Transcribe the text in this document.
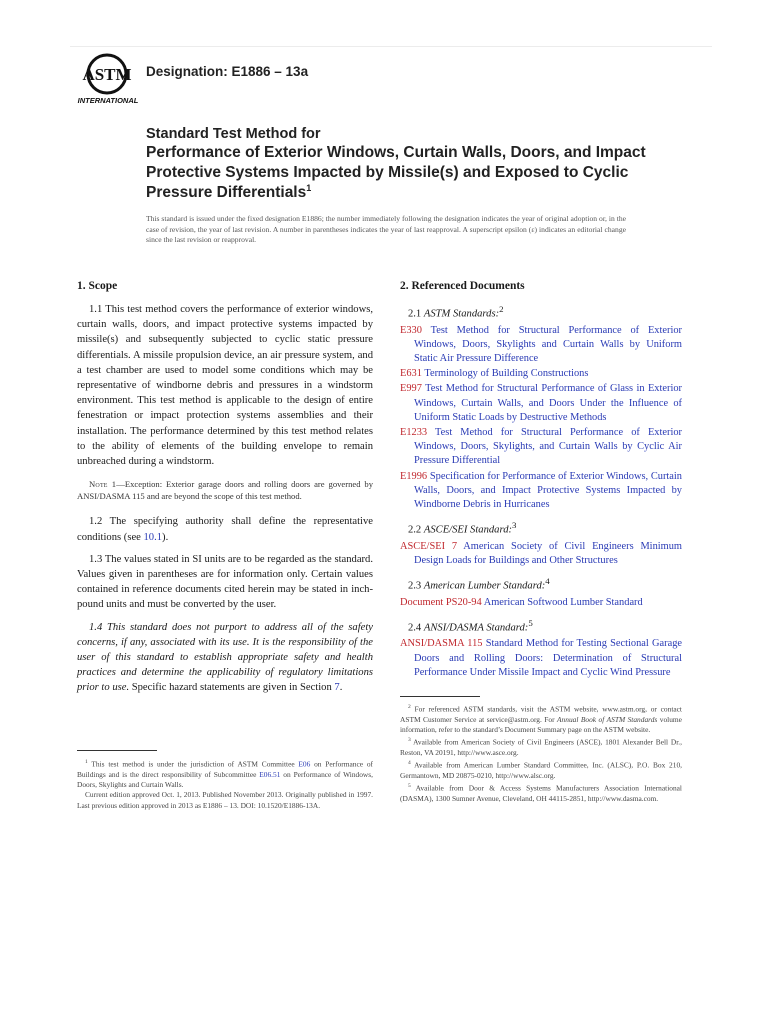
ASTM
INTERNATIONAL
Designation: E1886 – 13a
Standard Test Method for
Performance of Exterior Windows, Curtain Walls, Doors, and Impact Protective Systems Impacted by Missile(s) and Exposed to Cyclic Pressure Differentials$^1$
This standard is issued under the fixed designation E1886; the number immediately following the designation indicates the year of original adoption or, in the case of revision, the year of last revision. A number in parentheses indicates the year of last reapproval. A superscript epsilon (ε) indicates an editorial change since the last revision or reapproval.
1. Scope

1.1 This test method covers the performance of exterior windows, curtain walls, doors, and impact protective systems impacted by missile(s) and subsequently subjected to cyclic static pressure differentials. A missile propulsion device, an air pressure system, and a test chamber are used to model some conditions which may be representative of windborne debris and pressures in a windstorm environment. This test method is applicable to the design of entire fenestration or impact protection systems assemblies and their installation. The performance determined by this test method relates to the ability of elements of the building envelope to remain unbreached during a windstorm.

Note 1—Exception: Exterior garage doors and rolling doors are governed by ANSI/DASMA 115 and are beyond the scope of this test method.

1.2 The specifying authority shall define the representative conditions (see 10.1).

1.3 The values stated in SI units are to be regarded as the standard. Values given in parentheses are for information only. Certain values contained in reference documents cited herein may be stated in inch-pound units and must be converted by the user.

1.4 This standard does not purport to address all of the safety concerns, if any, associated with its use. It is the responsibility of the user of this standard to establish appropriate safety and health practices and determine the applicability of regulatory limitations prior to use. Specific hazard statements are given in Section 7.

2. Referenced Documents

2.1 ASTM Standards:$^2$

E330 Test Method for Structural Performance of Exterior Windows, Doors, Skylights and Curtain Walls by Uniform Static Air Pressure Difference

E631 Terminology of Building Constructions

E997 Test Method for Structural Performance of Glass in Exterior Windows, Curtain Walls, and Doors Under the Influence of Uniform Static Loads by Destructive Methods

E1233 Test Method for Structural Performance of Exterior Windows, Doors, Skylights, and Curtain Walls by Cyclic Air Pressure Differential

E1996 Specification for Performance of Exterior Windows, Curtain Walls, Doors, and Impact Protective Systems Impacted by Windborne Debris in Hurricanes

2.2 ASCE/SEI Standard:$^3$

ASCE/SEI 7 American Society of Civil Engineers Minimum Design Loads for Buildings and Other Structures

2.3 American Lumber Standard:$^4$

Document PS20-94 American Softwood Lumber Standard

2.4 ANSI/DASMA Standard:$^5$

ANSI/DASMA 115 Standard Method for Testing Sectional Garage Doors and Rolling Doors: Determination of Structural Performance Under Missile Impact and Cyclic Wind Pressure

$^1$ This test method is under the jurisdiction of ASTM Committee E06 on Performance of Buildings and is the direct responsibility of Subcommittee E06.51 on Performance of Windows, Doors, Skylights and Curtain Walls.

Current edition approved Oct. 1, 2013. Published November 2013. Originally published in 1997. Last previous edition approved in 2013 as E1886 – 13. DOI: 10.1520/E1886-13A.

$^2$ For referenced ASTM standards, visit the ASTM website, www.astm.org, or contact ASTM Customer Service at service@astm.org. For Annual Book of ASTM Standards volume information, refer to the standard’s Document Summary page on the ASTM website.

$^3$ Available from American Society of Civil Engineers (ASCE), 1801 Alexander Bell Dr., Reston, VA 20191, http://www.asce.org.

$^4$ Available from American Lumber Standard Committee, Inc. (ALSC), P.O. Box 210, Germantown, MD 20875-0210, http://www.alsc.org.

$^5$ Available from Door & Access Systems Manufacturers Association International (DASMA), 1300 Sumner Avenue, Cleveland, OH 44115-2851, http://www.dasma.com.
